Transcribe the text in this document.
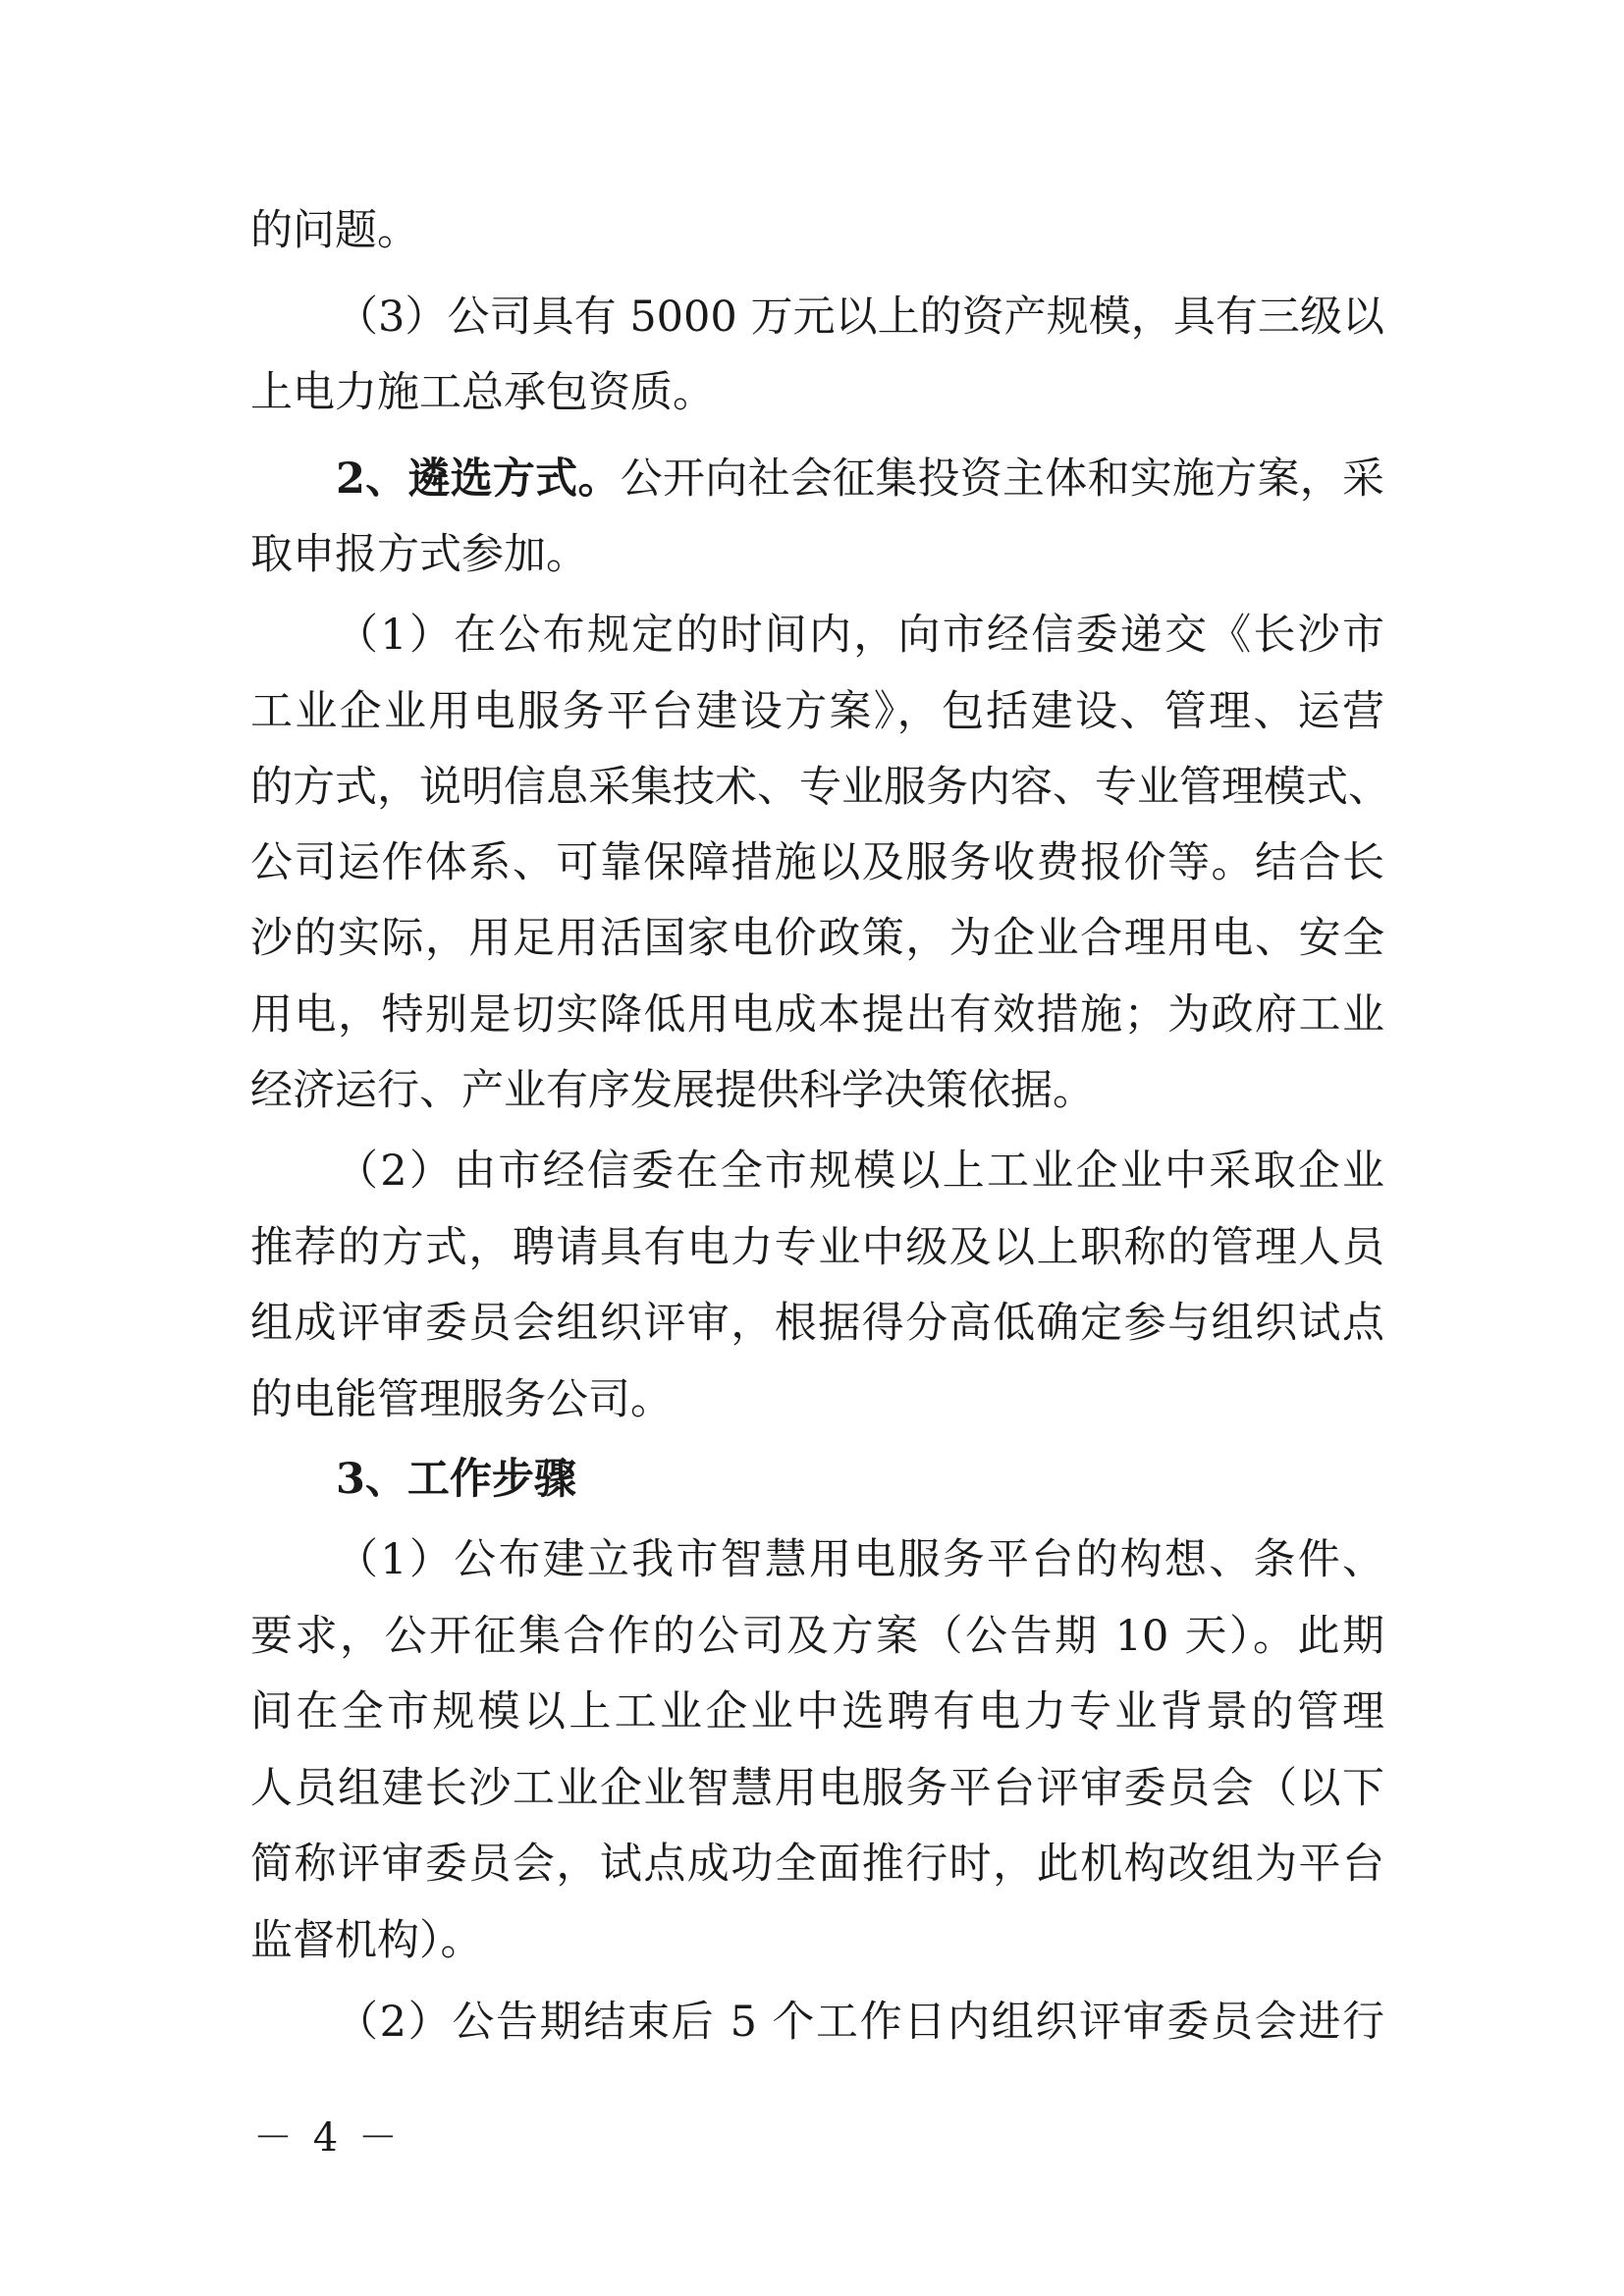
的问题。
（3）公司具有 5000 万元以上的资产规模，具有三级以
上电力施工总承包资质。
2、遴选方式。公开向社会征集投资主体和实施方案，采
取申报方式参加。
（1）在公布规定的时间内，向市经信委递交《长沙市
工业企业用电服务平台建设方案》，包括建设、管理、运营
的方式，说明信息采集技术、专业服务内容、专业管理模式、
公司运作体系、可靠保障措施以及服务收费报价等。结合长
沙的实际，用足用活国家电价政策，为企业合理用电、安全
用电，特别是切实降低用电成本提出有效措施；为政府工业
经济运行、产业有序发展提供科学决策依据。
（2）由市经信委在全市规模以上工业企业中采取企业
推荐的方式，聘请具有电力专业中级及以上职称的管理人员
组成评审委员会组织评审，根据得分高低确定参与组织试点
的电能管理服务公司。
3、工作步骤
（1）公布建立我市智慧用电服务平台的构想、条件、
要求，公开征集合作的公司及方案（公告期 10 天）。此期
间在全市规模以上工业企业中选聘有电力专业背景的管理
人员组建长沙工业企业智慧用电服务平台评审委员会（以下
简称评审委员会，试点成功全面推行时，此机构改组为平台
监督机构）。
（2）公告期结束后 5 个工作日内组织评审委员会进行
－ 4 －
